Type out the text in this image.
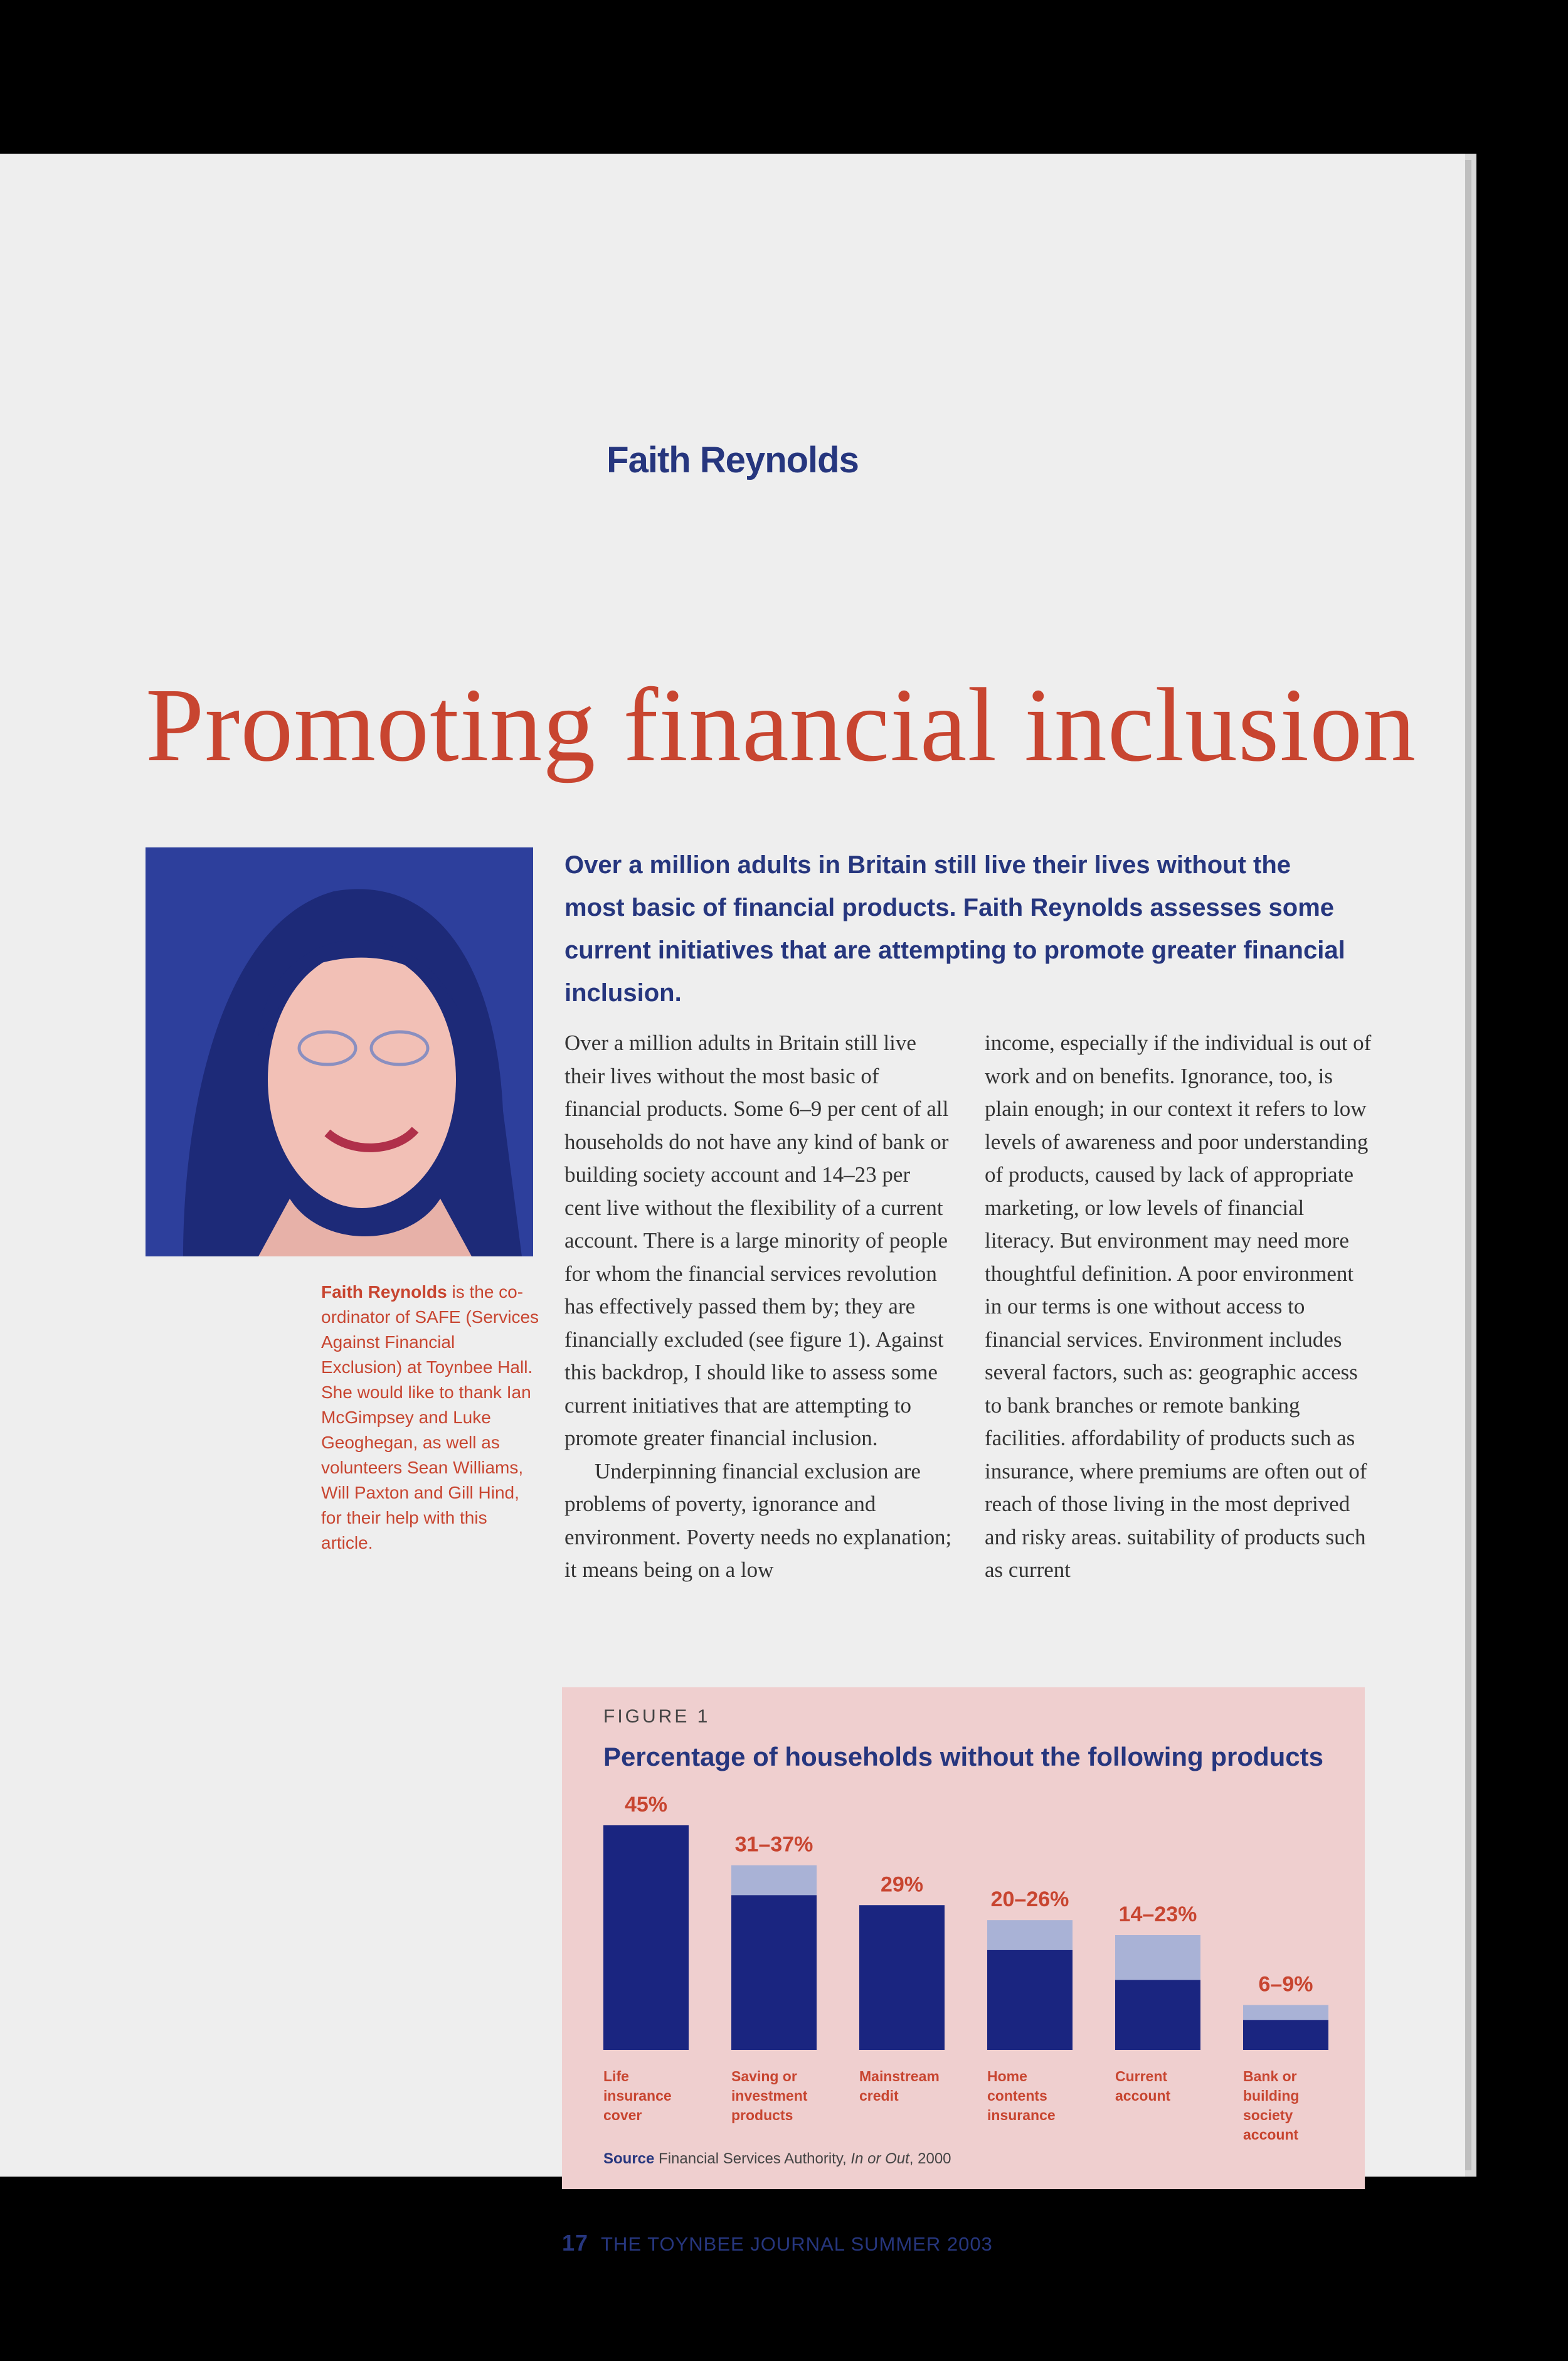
Faith Reynolds
Promoting financial inclusion
Faith Reynolds is the co-ordinator of SAFE (Services Against Financial Exclusion) at Toynbee Hall. She would like to thank Ian McGimpsey and Luke Geoghegan, as well as volunteers Sean Williams, Will Paxton and Gill Hind, for their help with this article.
Over a million adults in Britain still live their lives without the most basic of financial products. Faith Reynolds assesses some current initiatives that are attempting to promote greater financial inclusion.

Over a million adults in Britain still live their lives without the most basic of financial products. Some 6–9 per cent of all households do not have any kind of bank or building society account and 14–23 per cent live without the flexibility of a current account. There is a large minority of people for whom the financial services revolution has effectively passed them by; they are financially excluded (see figure 1). Against this backdrop, I should like to assess some current initiatives that are attempting to promote greater financial inclusion.

Underpinning financial exclusion are problems of poverty, ignorance and environment. Poverty needs no explanation; it means being on a low

income, especially if the individual is out of work and on benefits. Ignorance, too, is plain enough; in our context it refers to low levels of awareness and poor understanding of products, caused by lack of appropriate marketing, or low levels of financial literacy. But environment may need more thoughtful definition. A poor environment in our terms is one without access to financial services. Environment includes several factors, such as: geographic access to bank branches or remote banking facilities. affordability of products such as insurance, where premiums are often out of reach of those living in the most deprived and risky areas. suitability of products such as current

FIGURE 1
Percentage of households without the following products
45%
31–37%
29%
20–26%
14–23%
6–9%
Life insurance cover
Saving or investment products
Mainstream credit
Home contents insurance
Current account
Bank or building society account
Source Financial Services Authority, In or Out, 2000
17 THE TOYNBEE JOURNAL SUMMER 2003
